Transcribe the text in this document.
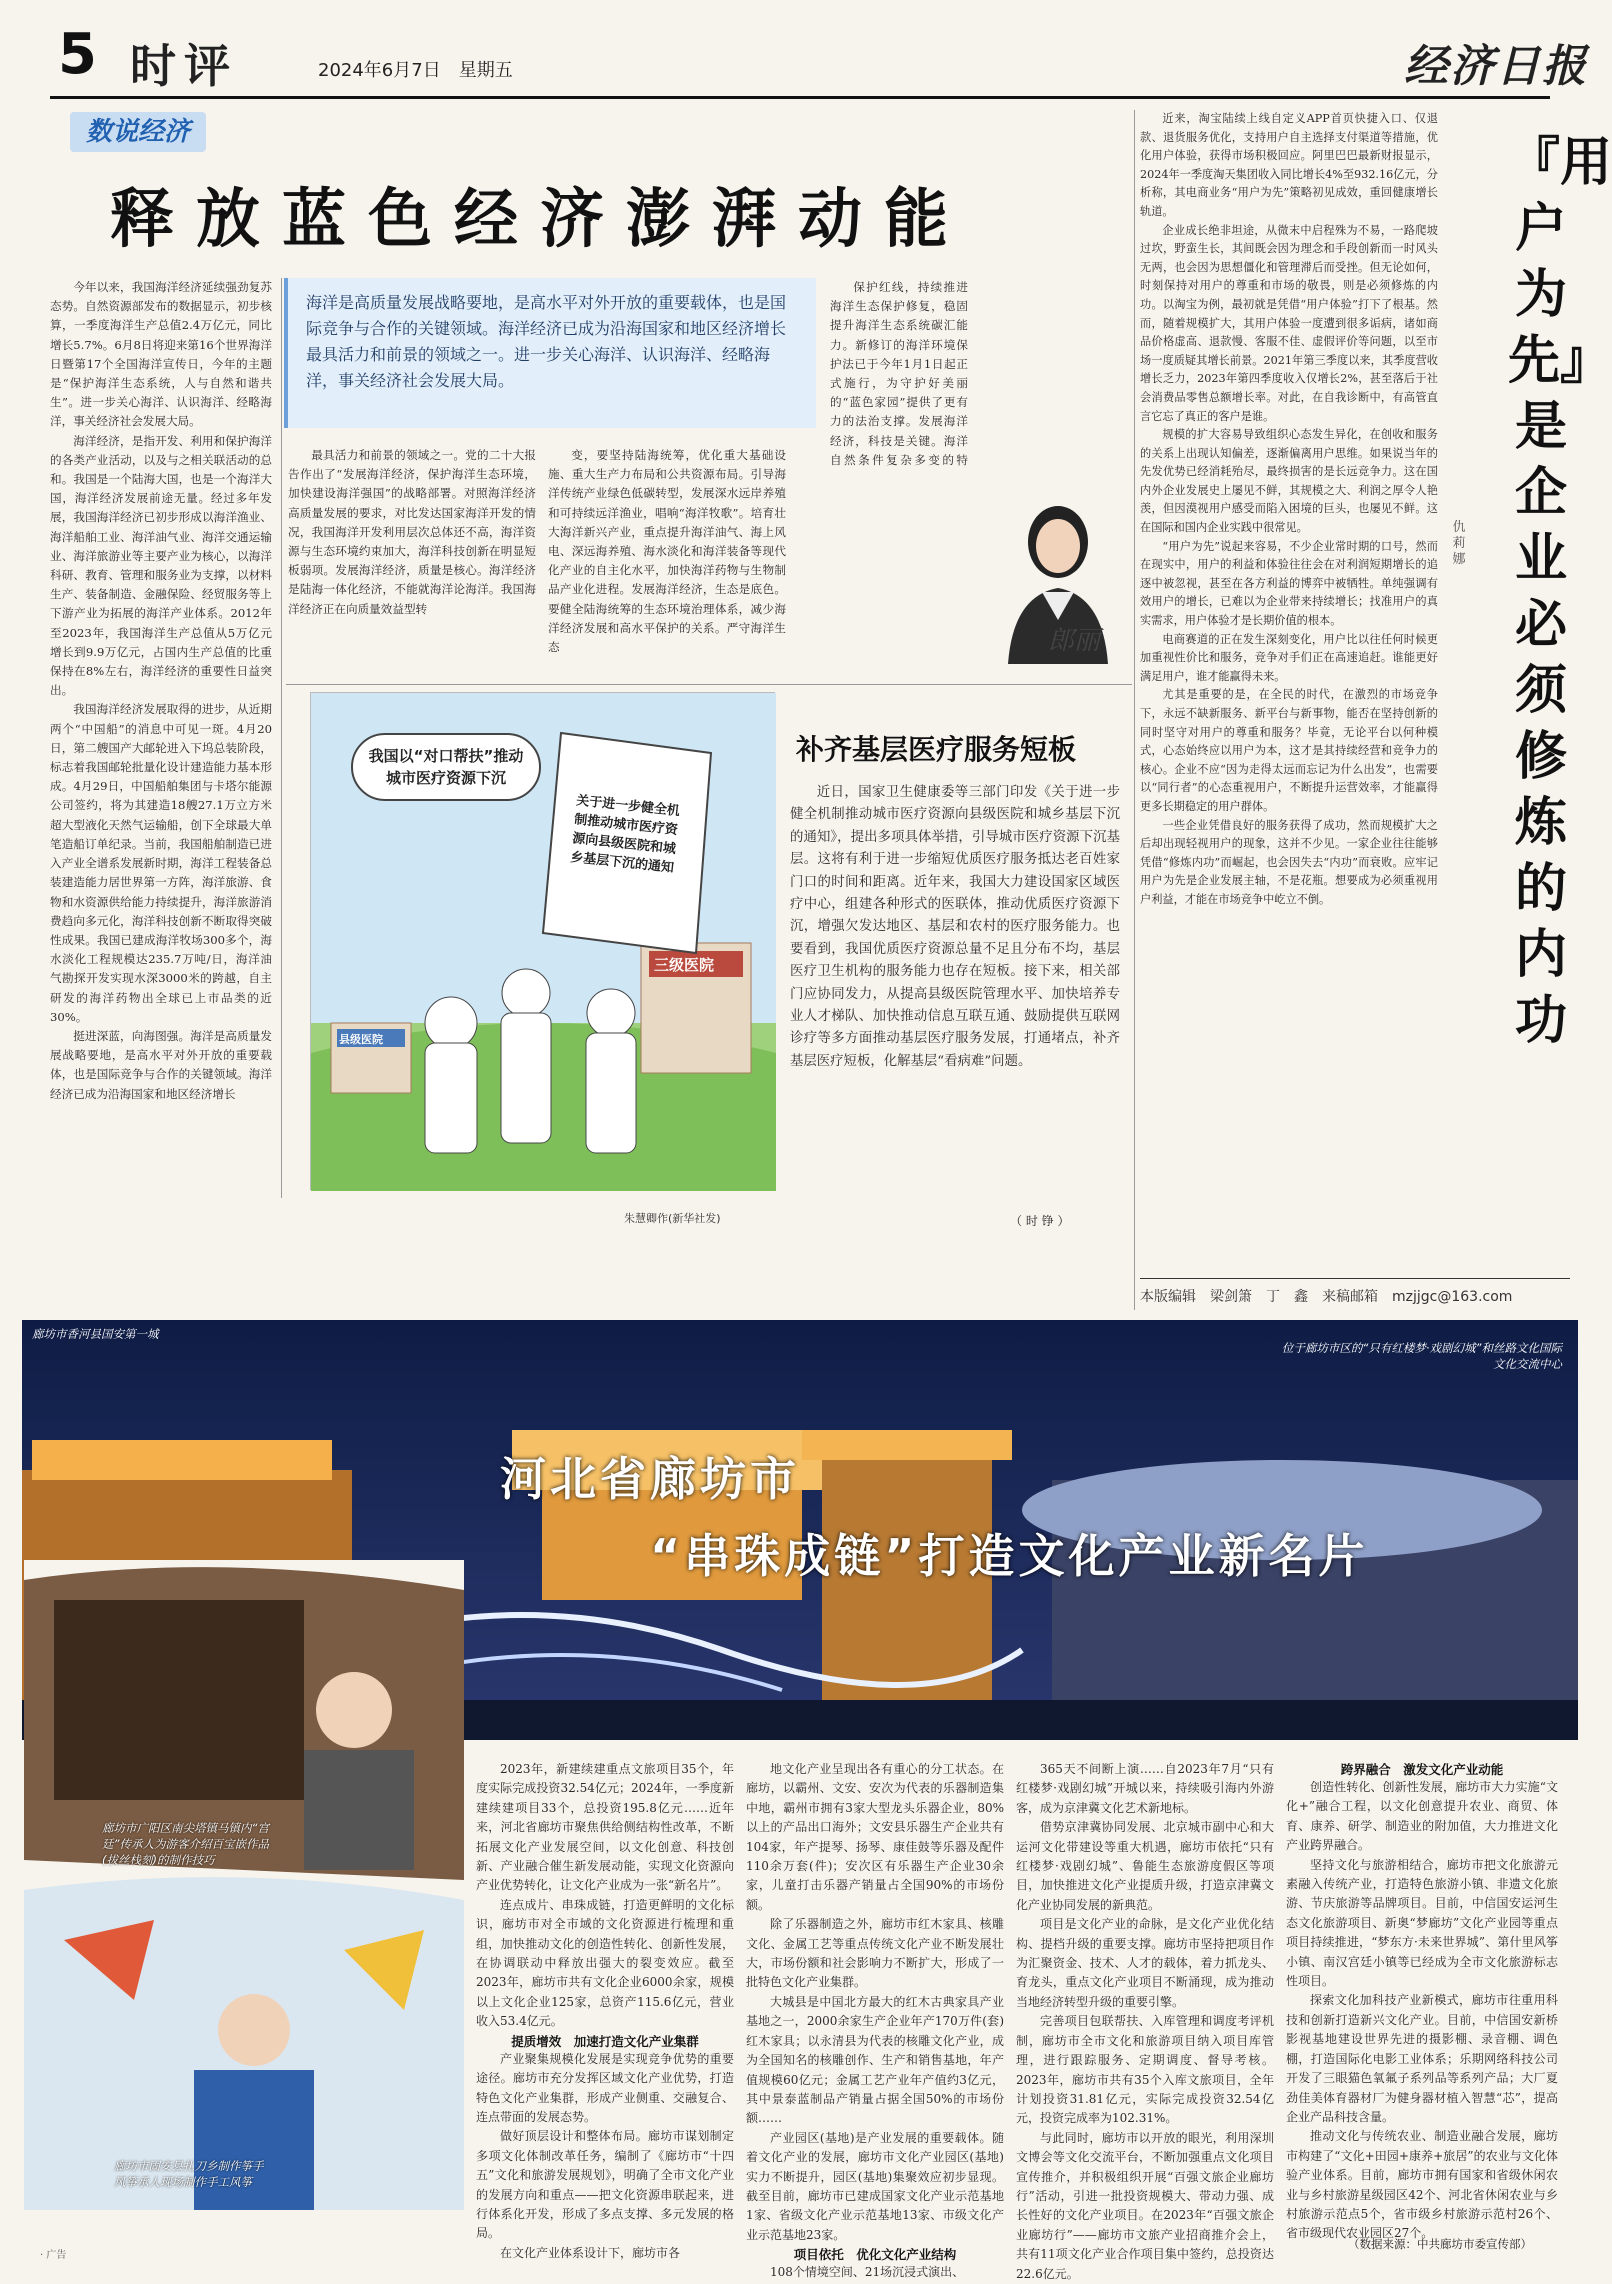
5 时评	2024年6月7日　星期五	经济日报
数说经济
释放蓝色经济澎湃动能
海洋是高质量发展战略要地，是高水平对外开放的重要载体，也是国际竞争与合作的关键领域。海洋经济已成为沿海国家和地区经济增长最具活力和前景的领域之一。进一步关心海洋、认识海洋、经略海洋，事关经济社会发展大局。

今年以来，我国海洋经济延续强劲复苏态势。自然资源部发布的数据显示，初步核算，一季度海洋生产总值2.4万亿元，同比增长5.7%。6月8日将迎来第16个世界海洋日暨第17个全国海洋宣传日，今年的主题是“保护海洋生态系统，人与自然和谐共生”。进一步关心海洋、认识海洋、经略海洋，事关经济社会发展大局。

海洋经济，是指开发、利用和保护海洋的各类产业活动，以及与之相关联活动的总和。我国是一个陆海大国，也是一个海洋大国，海洋经济发展前途无量。经过多年发展，我国海洋经济已初步形成以海洋渔业、海洋船舶工业、海洋油气业、海洋交通运输业、海洋旅游业等主要产业为核心，以海洋科研、教育、管理和服务业为支撑，以材料生产、装备制造、金融保险、经贸服务等上下游产业为拓展的海洋产业体系。2012年至2023年，我国海洋生产总值从5万亿元增长到9.9万亿元，占国内生产总值的比重保持在8%左右，海洋经济的重要性日益突出。

我国海洋经济发展取得的进步，从近期两个“中国船”的消息中可见一斑。4月20日，第二艘国产大邮轮进入下坞总装阶段，标志着我国邮轮批量化设计建造能力基本形成。4月29日，中国船舶集团与卡塔尔能源公司签约，将为其建造18艘27.1万立方米超大型液化天然气运输船，创下全球最大单笔造船订单纪录。当前，我国船舶制造已进入产业全谱系发展新时期，海洋工程装备总装建造能力居世界第一方阵，海洋旅游、食物和水资源供给能力持续提升，海洋旅游消费趋向多元化，海洋科技创新不断取得突破性成果。我国已建成海洋牧场300多个，海水淡化工程规模达235.7万吨/日，海洋油气勘探开发实现水深3000米的跨越，自主研发的海洋药物出全球已上市品类的近30%。

挺进深蓝，向海图强。海洋是高质量发展战略要地，是高水平对外开放的重要载体，也是国际竞争与合作的关键领域。海洋经济已成为沿海国家和地区经济增长

最具活力和前景的领域之一。党的二十大报告作出了“发展海洋经济，保护海洋生态环境，加快建设海洋强国”的战略部署。对照海洋经济高质量发展的要求，对比发达国家海洋开发的情况，我国海洋开发利用层次总体还不高，海洋资源与生态环境约束加大，海洋科技创新在明显短板弱项。发展海洋经济，质量是核心。海洋经济是陆海一体化经济，不能就海洋论海洋。我国海洋经济正在向质量效益型转

变，要坚持陆海统筹，优化重大基础设施、重大生产力布局和公共资源布局。引导海洋传统产业绿色低碳转型，发展深水远岸养殖和可持续远洋渔业，唱响“海洋牧歌”。培育壮大海洋新兴产业，重点提升海洋油气、海上风电、深远海养殖、海水淡化和海洋装备等现代化产业的自主化水平，加快海洋药物与生物制品产业化进程。发展海洋经济，生态是底色。要健全陆海统筹的生态环境治理体系，减少海洋经济发展和高水平保护的关系。严守海洋生态

保护红线，持续推进海洋生态保护修复，稳固提升海洋生态系统碳汇能力。新修订的海洋环境保护法已于今年1月1日起正式施行，为守护好美丽的“蓝色家园”提供了更有力的法治支撑。发展海洋经济，科技是关键。海洋自然条件复杂多变的特

郎丽

近来，淘宝陆续上线自定义APP首页快捷入口、仅退款、退货服务优化，支持用户自主选择支付渠道等措施，优化用户体验，获得市场积极回应。阿里巴巴最新财报显示，2024年一季度淘天集团收入同比增长4%至932.16亿元，分析称，其电商业务“用户为先”策略初见成效，重回健康增长轨道。

企业成长绝非坦途，从微末中启程殊为不易，一路爬坡过坎，野蛮生长，其间既会因为理念和手段创新而一时风头无两，也会因为思想僵化和管理滞后而受挫。但无论如何，时刻保持对用户的尊重和市场的敬畏，则是必须修炼的内功。以淘宝为例，最初就是凭借“用户体验”打下了根基。然而，随着规模扩大，其用户体验一度遭到很多诟病，诸如商品价格虚高、退款慢、客服不佳、虚假评价等问题，以至市场一度质疑其增长前景。2021年第三季度以来，其季度营收增长乏力，2023年第四季度收入仅增长2%，甚至落后于社会消费品零售总额增长率。对此，在自我诊断中，有高管直言它忘了真正的客户是谁。

规模的扩大容易导致组织心态发生异化，在创收和服务的关系上出现认知偏差，逐渐偏离用户思维。如果说当年的先发优势已经消耗殆尽，最终损害的是长远竞争力。这在国内外企业发展史上屡见不鲜，其规模之大、利润之厚令人艳羡，但因漠视用户感受而陷入困境的巨头，也屡见不鲜。这在国际和国内企业实践中很常见。

“用户为先”说起来容易，不少企业常时期的口号，然而在现实中，用户的利益和体验往往会在对利润短期增长的追逐中被忽视，甚至在各方利益的博弈中被牺牲。单纯强调有效用户的增长，已难以为企业带来持续增长；找准用户的真实需求，用户体验才是长期价值的根本。

电商赛道的正在发生深刻变化，用户比以往任何时候更加重视性价比和服务，竞争对手们正在高速追赶。谁能更好满足用户，谁才能赢得未来。

尤其是重要的是，在全民的时代，在激烈的市场竞争下，永远不缺新服务、新平台与新事物，能否在坚持创新的同时坚守对用户的尊重和服务？毕竟，无论平台以何种模式，心态始终应以用户为本，这才是其持续经营和竞争力的核心。企业不应“因为走得太远而忘记为什么出发”，也需要以“同行者”的心态重视用户，不断提升运营效率，才能赢得更多长期稳定的用户群体。

一些企业凭借良好的服务获得了成功，然而规模扩大之后却出现轻视用户的现象，这并不少见。一家企业往往能够凭借“修炼内功”而崛起，也会因失去“内功”而衰败。应牢记用户为先是企业发展主轴，不是花瓶。想要成为必须重视用户利益，才能在市场竞争中屹立不倒。

仇莉娜
『用户为先』是企业必须修炼的内功
本版编辑　梁剑箫　丁　鑫　来稿邮箱　mzjjgc@163.com
我国以“对口帮扶”推动城市医疗资源下沉
关于进一步健全机制推动城市医疗资源向县级医院和城乡基层下沉的通知
三级医院
县级医院
补齐基层医疗服务短板

近日，国家卫生健康委等三部门印发《关于进一步健全机制推动城市医疗资源向县级医院和城乡基层下沉的通知》，提出多项具体举措，引导城市医疗资源下沉基层。这将有利于进一步缩短优质医疗服务抵达老百姓家门口的时间和距离。近年来，我国大力建设国家区域医疗中心，组建各种形式的医联体，推动优质医疗资源下沉，增强欠发达地区、基层和农村的医疗服务能力。也要看到，我国优质医疗资源总量不足且分布不均，基层医疗卫生机构的服务能力也存在短板。接下来，相关部门应协同发力，从提高县级医院管理水平、加快培养专业人才梯队、加快推动信息互联互通、鼓励提供互联网诊疗等多方面推动基层医疗服务发展，打通堵点，补齐基层医疗短板，化解基层“看病难”问题。

朱慧卿作(新华社发)	（ 时 铮 ）
廊坊市香河县国安第一城
位于廊坊市区的“只有红楼梦·戏剧幻城”和丝路文化国际文化交流中心
河北省廊坊市
“串珠成链”打造文化产业新名片
廊坊市广阳区南尖塔镇马镇内“宫廷”传承人为游客介绍百宝嵌作品(拔丝栈刻)的制作技巧
廊坊市固安县扎刀乡制作筝手风筝承人现场制作手工风筝

2023年，新建续建重点文旅项目35个，年度实际完成投资32.54亿元；2024年，一季度新建续建项目33个，总投资195.8亿元……近年来，河北省廊坊市聚焦供给侧结构性改革，不断拓展文化产业发展空间，以文化创意、科技创新、产业融合催生新发展动能，实现文化资源向产业优势转化，让文化产业成为一张“新名片”。

连点成片、串珠成链，打造更鲜明的文化标识，廊坊市对全市域的文化资源进行梳理和重组，加快推动文化的创造性转化、创新性发展，在协调联动中释放出强大的裂变效应。截至2023年，廊坊市共有文化企业6000余家，规模以上文化企业125家，总资产115.6亿元，营业收入53.4亿元。

提质增效　加速打造文化产业集群

产业聚集规模化发展是实现竞争优势的重要途径。廊坊市充分发挥区域文化产业优势，打造特色文化产业集群，形成产业侧重、交融复合、连点带面的发展态势。

做好顶层设计和整体布局。廊坊市谋划制定多项文化体制改革任务，编制了《廊坊市“十四五”文化和旅游发展规划》，明确了全市文化产业的发展方向和重点——把文化资源串联起来，进行体系化开发，形成了多点支撑、多元发展的格局。

在文化产业体系设计下，廊坊市各

地文化产业呈现出各有重心的分工状态。在廊坊，以霸州、文安、安次为代表的乐器制造集中地，霸州市拥有3家大型龙头乐器企业，80%以上的产品出口海外；文安县乐器生产企业共有104家，年产提琴、扬琴、康佳鼓等乐器及配件110余万套(件)；安次区有乐器生产企业30余家，儿童打击乐器产销量占全国90%的市场份额。

除了乐器制造之外，廊坊市红木家具、核雕文化、金属工艺等重点传统文化产业不断发展壮大，市场份额和社会影响力不断扩大，形成了一批特色文化产业集群。

大城县是中国北方最大的红木古典家具产业基地之一，2000余家生产企业年产170万件(套)红木家具；以永清县为代表的核雕文化产业，成为全国知名的核雕创作、生产和销售基地，年产值规模60亿元；金属工艺产业年产值约3亿元，其中景泰蓝制品产销量占据全国50%的市场份额……

产业园区(基地)是产业发展的重要载体。随着文化产业的发展，廊坊市文化产业园区(基地)实力不断提升，园区(基地)集聚效应初步显现。截至目前，廊坊市已建成国家文化产业示范基地1家、省级文化产业示范基地13家、市级文化产业示范基地23家。

项目依托　优化文化产业结构

108个情境空间、21场沉浸式演出、

365天不间断上演……自2023年7月“只有红楼梦·戏剧幻城”开城以来，持续吸引海内外游客，成为京津冀文化艺术新地标。

借势京津冀协同发展、北京城市副中心和大运河文化带建设等重大机遇，廊坊市依托“只有红楼梦·戏剧幻城”、鲁能生态旅游度假区等项目，加快推进文化产业提质升级，打造京津冀文化产业协同发展的新典范。

项目是文化产业的命脉，是文化产业优化结构、提档升级的重要支撑。廊坊市坚持把项目作为汇聚资金、技术、人才的载体，着力抓龙头、育龙头，重点文化产业项目不断涌现，成为推动当地经济转型升级的重要引擎。

完善项目包联帮扶、入库管理和调度考评机制，廊坊市全市文化和旅游项目纳入项目库管理，进行跟踪服务、定期调度、督导考核。2023年，廊坊市共有35个入库文旅项目，全年计划投资31.81亿元，实际完成投资32.54亿元，投资完成率为102.31%。

与此同时，廊坊市以开放的眼光，利用深圳文博会等文化交流平台，不断加强重点文化项目宣传推介，并积极组织开展“百强文旅企业廊坊行”活动，引进一批投资规模大、带动力强、成长性好的文化产业项目。在2023年“百强文旅企业廊坊行”——廊坊市文旅产业招商推介会上，共有11项文化产业合作项目集中签约，总投资达22.6亿元。

跨界融合　激发文化产业动能

创造性转化、创新性发展，廊坊市大力实施“文化+”融合工程，以文化创意提升农业、商贸、体育、康养、研学、制造业的附加值，大力推进文化产业跨界融合。

坚持文化与旅游相结合，廊坊市把文化旅游元素融入传统产业，打造特色旅游小镇、非遗文化旅游、节庆旅游等品牌项目。目前，中信国安运河生态文化旅游项目、新奥“梦廊坊”文化产业园等重点项目持续推进，“梦东方·未来世界城”、第什里风筝小镇、南汉宫廷小镇等已经成为全市文化旅游标志性项目。

探索文化加科技产业新模式，廊坊市往重用科技和创新打造新兴文化产业。目前，中信国安新桥影视基地建设世界先进的摄影棚、录音棚、调色棚，打造国际化电影工业体系；乐期网络科技公司开发了三眼猫色氧氟子系列品等系列产品；大厂夏劲佳美体育器材厂为健身器材植入智慧“芯”，提高企业产品科技含量。

推动文化与传统农业、制造业融合发展，廊坊市构建了“文化+田园+康养+旅居”的农业与文化体验产业体系。目前，廊坊市拥有国家和省级休闲农业与乡村旅游星级园区42个、河北省休闲农业与乡村旅游示范点5个，省市级乡村旅游示范村26个、省市级现代农业园区27个。

（数据来源：中共廊坊市委宣传部）
· 广告
